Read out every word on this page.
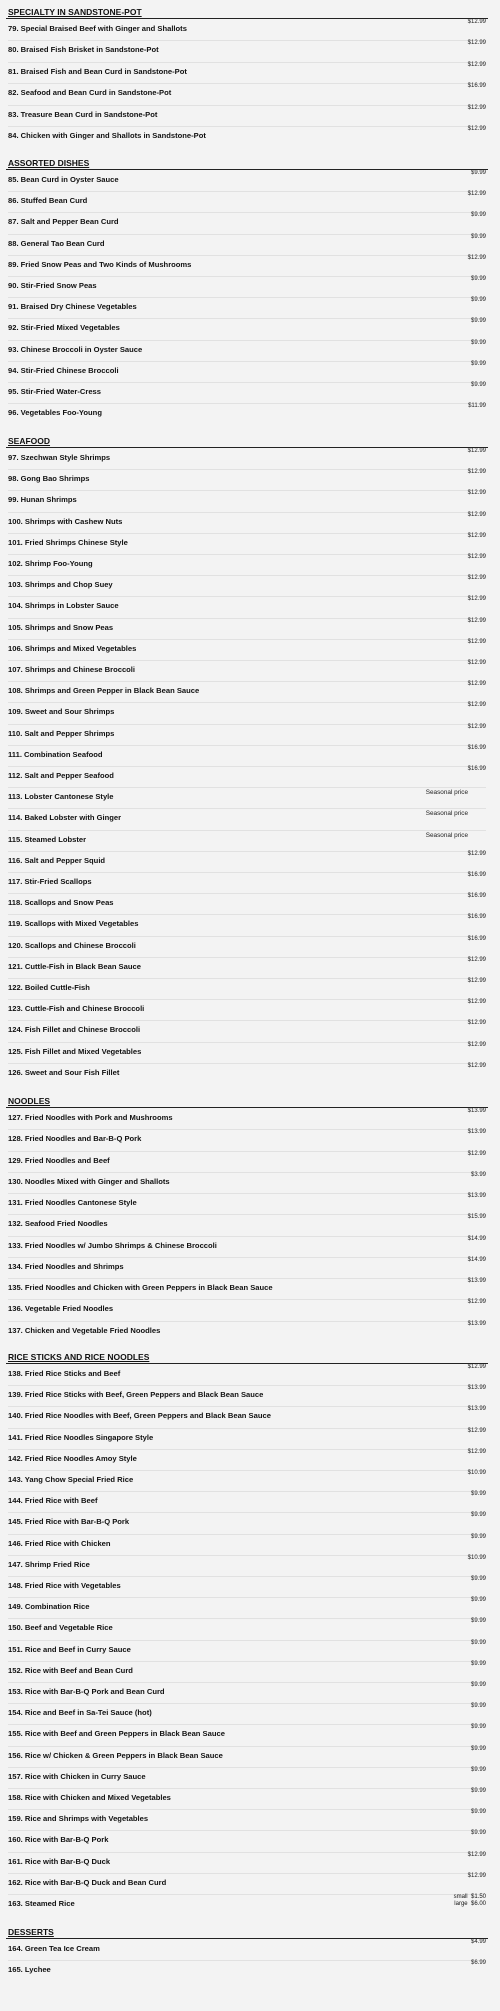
SPECIALTY IN SANDSTONE-POT
79. Special Braised Beef with Ginger and Shallots
$12.99
80. Braised Fish Brisket in Sandstone-Pot
$12.99
81. Braised Fish and Bean Curd in Sandstone-Pot
$12.99
82. Seafood and Bean Curd in Sandstone-Pot
$16.99
83. Treasure Bean Curd in Sandstone-Pot
$12.99
84. Chicken with Ginger and Shallots in Sandstone-Pot
$12.99
ASSORTED DISHES
85. Bean Curd in Oyster Sauce
$9.99
86. Stuffed Bean Curd
$12.99
87. Salt and Pepper Bean Curd
$9.99
88. General Tao Bean Curd
$9.99
89. Fried Snow Peas and Two Kinds of Mushrooms
$12.99
90. Stir-Fried Snow Peas
$9.99
91. Braised Dry Chinese Vegetables
$9.99
92. Stir-Fried Mixed Vegetables
$9.99
93. Chinese Broccoli in Oyster Sauce
$9.99
94. Stir-Fried Chinese Broccoli
$9.99
95. Stir-Fried Water-Cress
$9.99
96. Vegetables Foo-Young
$11.99
SEAFOOD
97. Szechwan Style Shrimps
$12.99
98. Gong Bao Shrimps
$12.99
99. Hunan Shrimps
$12.99
100. Shrimps with Cashew Nuts
$12.99
101. Fried Shrimps Chinese Style
$12.99
102. Shrimp Foo-Young
$12.99
103. Shrimps and Chop Suey
$12.99
104. Shrimps in Lobster Sauce
$12.99
105. Shrimps and Snow Peas
$12.99
106. Shrimps and Mixed Vegetables
$12.99
107. Shrimps and Chinese Broccoli
$12.99
108. Shrimps and Green Pepper in Black Bean Sauce
$12.99
109. Sweet and Sour Shrimps
$12.99
110. Salt and Pepper Shrimps
$12.99
111. Combination Seafood
$16.99
112. Salt and Pepper Seafood
$16.99
113. Lobster Cantonese Style	Seasonal price
114. Baked Lobster with Ginger	Seasonal price
115. Steamed Lobster	Seasonal price
116. Salt and Pepper Squid
$12.99
117. Stir-Fried Scallops
$16.99
118. Scallops and Snow Peas
$16.99
119. Scallops with Mixed Vegetables
$16.99
120. Scallops and Chinese Broccoli
$16.99
121. Cuttle-Fish in Black Bean Sauce
$12.99
122. Boiled Cuttle-Fish
$12.99
123. Cuttle-Fish and Chinese Broccoli
$12.99
124. Fish Fillet and Chinese Broccoli
$12.99
125. Fish Fillet and Mixed Vegetables
$12.99
126. Sweet and Sour Fish Fillet
$12.99
NOODLES
127. Fried Noodles with Pork and Mushrooms
$13.99
128. Fried Noodles and Bar-B-Q Pork
$13.99
129. Fried Noodles and Beef
$12.99
130. Noodles Mixed with Ginger and Shallots
$3.99
131. Fried Noodles Cantonese Style
$13.99
132. Seafood Fried Noodles
$15.99
133. Fried Noodles w/ Jumbo Shrimps & Chinese Broccoli
$14.99
134. Fried Noodles and Shrimps
$14.99
135. Fried Noodles and Chicken with Green Peppers in Black Bean Sauce
$13.99
136. Vegetable Fried Noodles
$12.99
137. Chicken and Vegetable Fried Noodles
$13.99
RICE STICKS AND RICE NOODLES
138. Fried Rice Sticks and Beef
$12.99
139. Fried Rice Sticks with Beef, Green Peppers and Black Bean Sauce
$13.99
140. Fried Rice Noodles with Beef, Green Peppers and Black Bean Sauce
$13.99
141. Fried Rice Noodles Singapore Style
$12.99
142. Fried Rice Noodles Amoy Style
$12.99
143. Yang Chow Special Fried Rice
$10.99
144. Fried Rice with Beef
$9.99
145. Fried Rice with Bar-B-Q Pork
$9.99
146. Fried Rice with Chicken
$9.99
147. Shrimp Fried Rice
$10.99
148. Fried Rice with Vegetables
$9.99
149. Combination Rice
$9.99
150. Beef and Vegetable Rice
$9.99
151. Rice and Beef in Curry Sauce
$9.99
152. Rice with Beef and Bean Curd
$9.99
153. Rice with Bar-B-Q Pork and Bean Curd
$9.99
154. Rice and Beef in Sa-Tei Sauce (hot)
$9.99
155. Rice with Beef and Green Peppers in Black Bean Sauce
$9.99
156. Rice w/ Chicken & Green Peppers in Black Bean Sauce
$9.99
157. Rice with Chicken in Curry Sauce
$9.99
158. Rice with Chicken and Mixed Vegetables
$9.99
159. Rice and Shrimps with Vegetables
$9.99
160. Rice with Bar-B-Q Pork
$9.99
161. Rice with Bar-B-Q Duck
$12.99
162. Rice with Bar-B-Q Duck and Bean Curd
$12.99
163. Steamed Rice
small $1.50
large $6.00
DESSERTS
164. Green Tea Ice Cream
$4.99
165. Lychee
$6.99
